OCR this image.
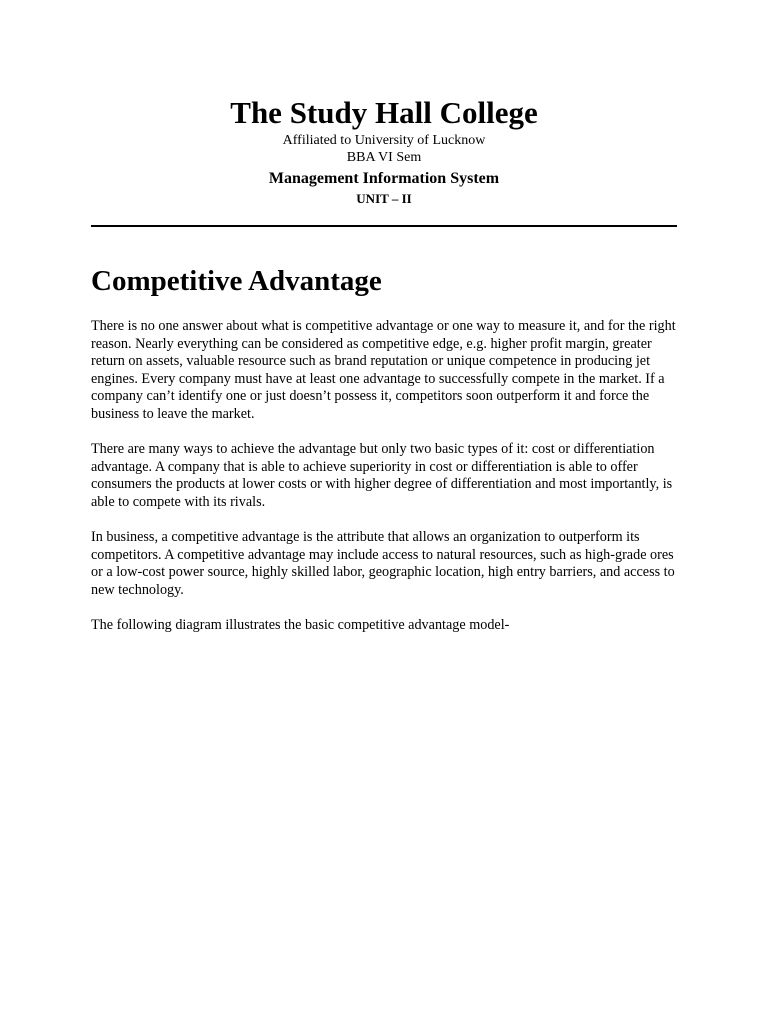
The Study Hall College

Affiliated to University of Lucknow

BBA VI Sem

Management Information System

UNIT – II

Competitive Advantage

There is no one answer about what is competitive advantage or one way to measure it, and for the right reason. Nearly everything can be considered as competitive edge, e.g. higher profit margin, greater return on assets, valuable resource such as brand reputation or unique competence in producing jet engines. Every company must have at least one advantage to successfully compete in the market. If a company can’t identify one or just doesn’t possess it, competitors soon outperform it and force the business to leave the market.

There are many ways to achieve the advantage but only two basic types of it: cost or differentiation advantage. A company that is able to achieve superiority in cost or differentiation is able to offer consumers the products at lower costs or with higher degree of differentiation and most importantly, is able to compete with its rivals.

In business, a competitive advantage is the attribute that allows an organization to outperform its competitors. A competitive advantage may include access to natural resources, such as high-grade ores or a low-cost power source, highly skilled labor, geographic location, high entry barriers, and access to new technology.

The following diagram illustrates the basic competitive advantage model-
